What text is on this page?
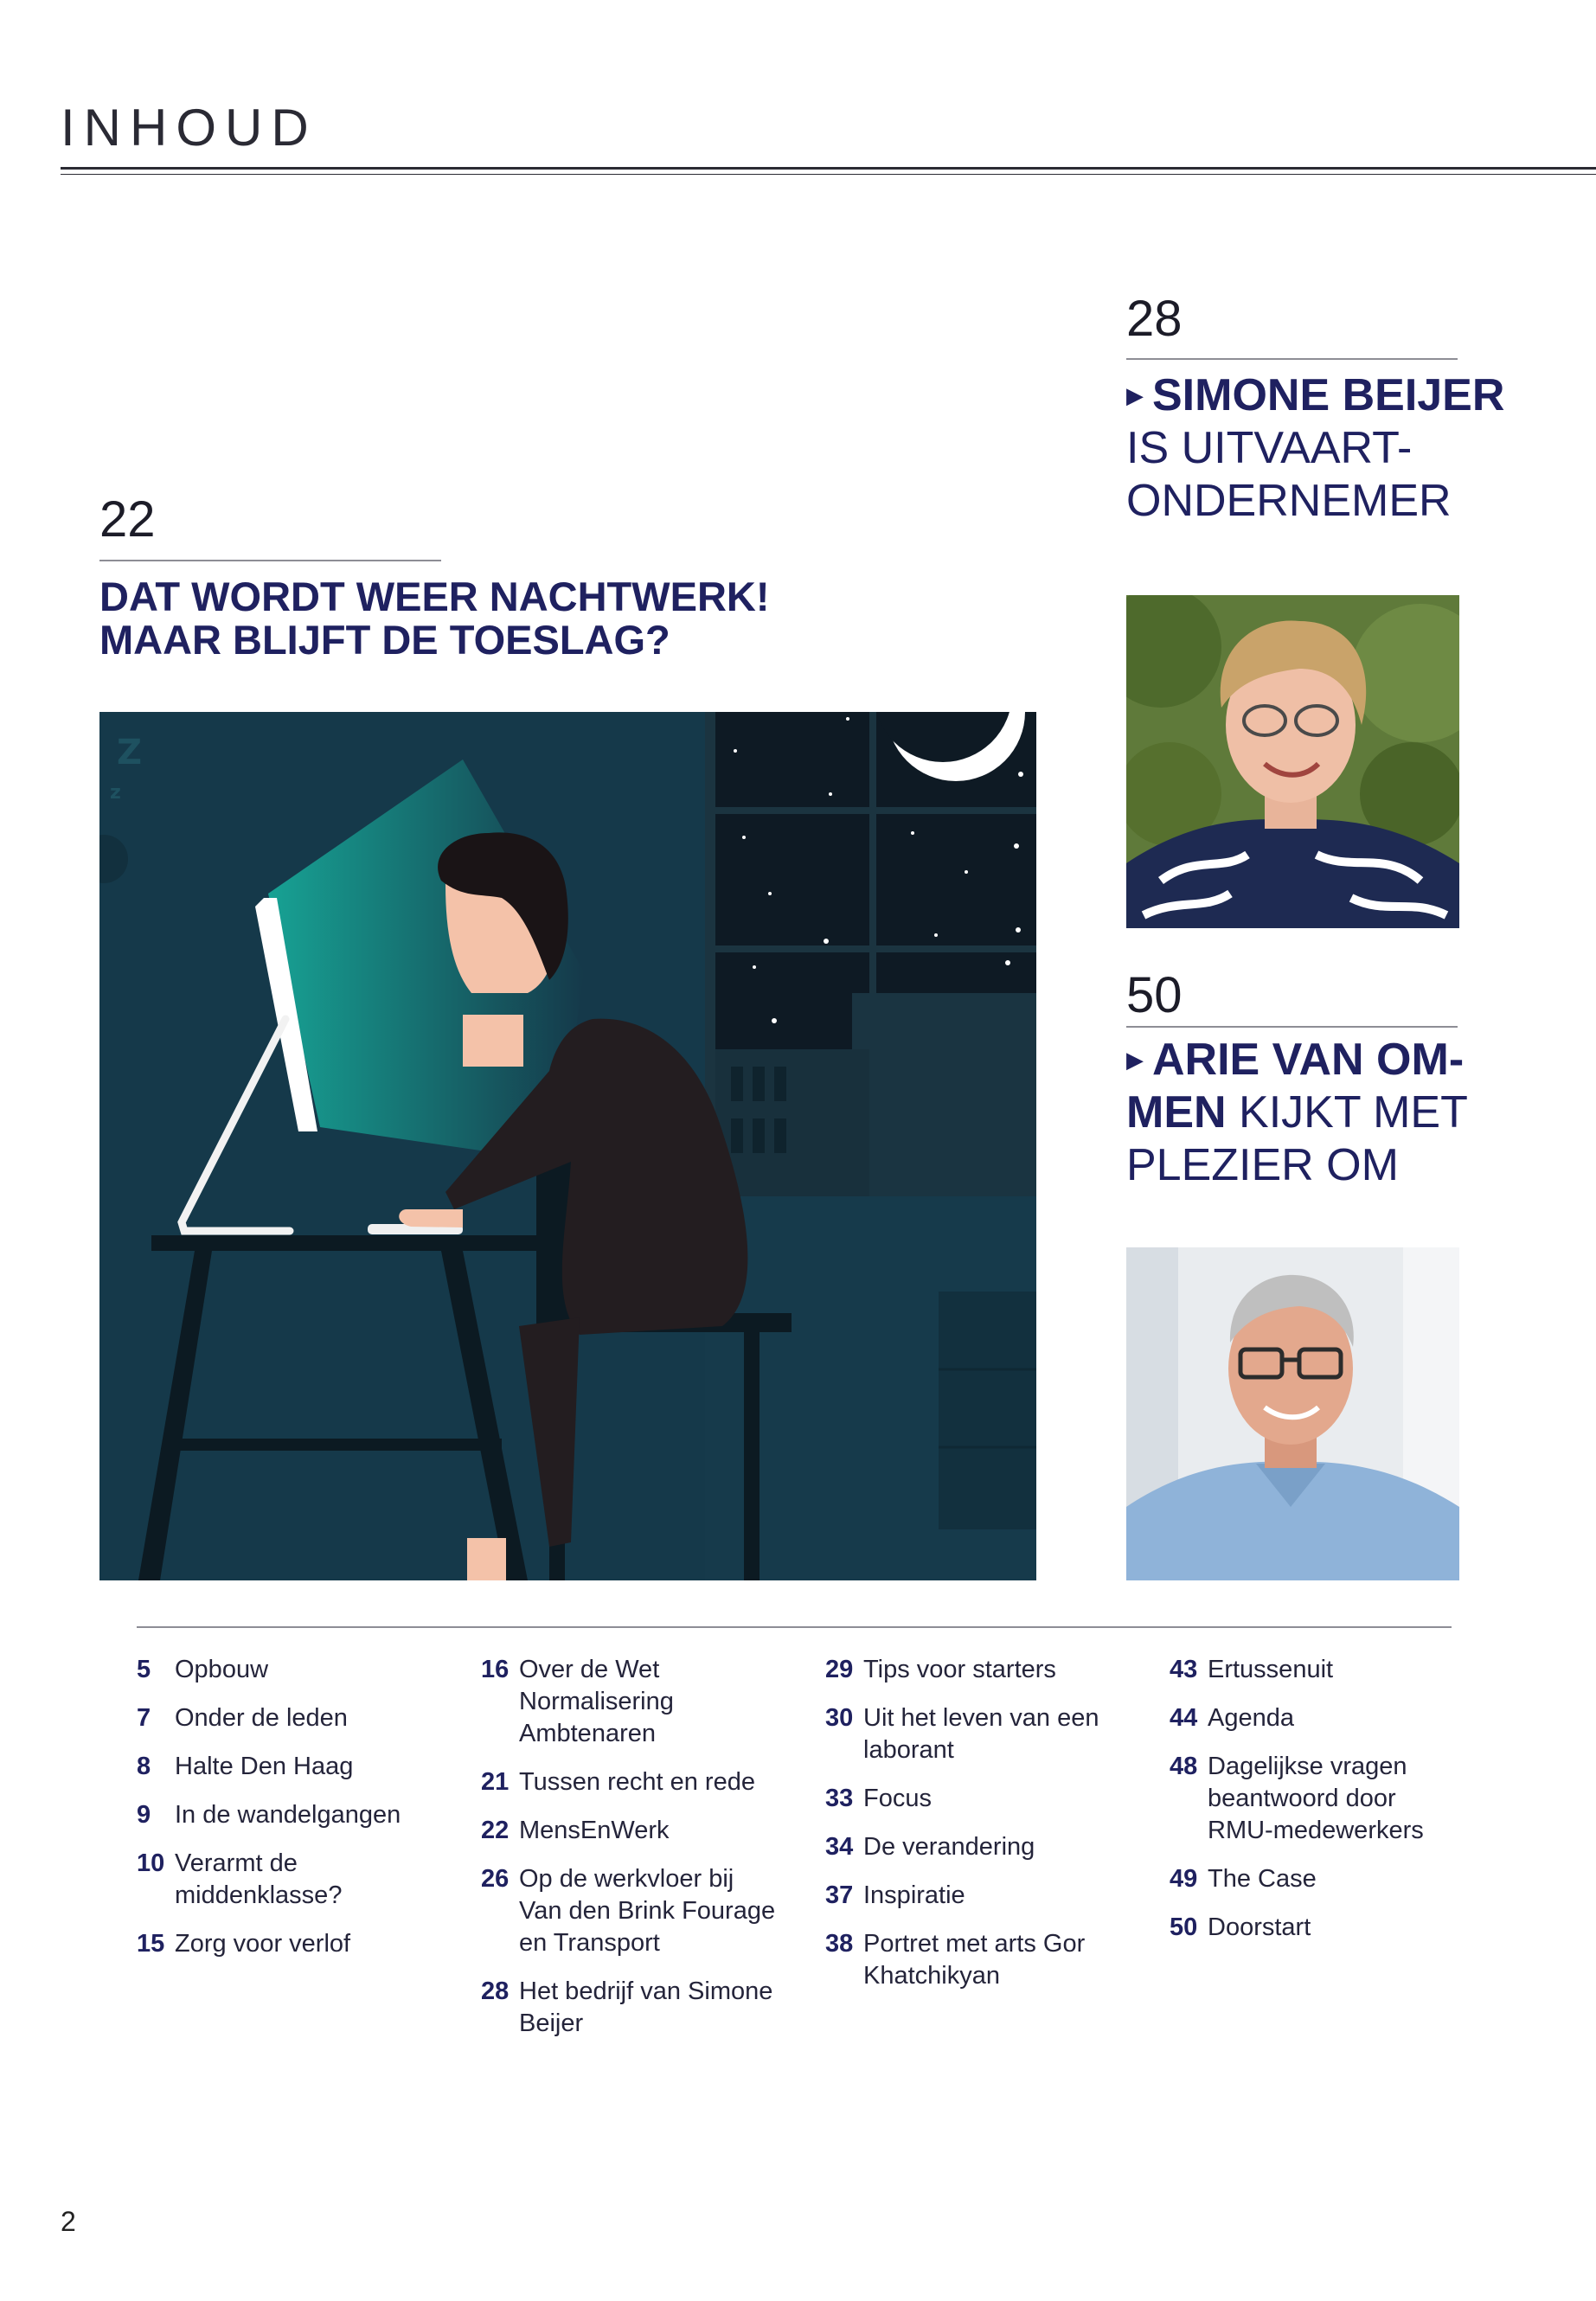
INHOUD
22
DAT WORDT WEER NACHTWERK!
MAAR BLIJFT DE TOESLAG?
Z
z
28
▶ SIMONE BEIJER
IS UITVAART-
ONDERNEMER
50
▶ ARIE VAN OM-
MEN KIJKT MET
PLEZIER OM
5 Opbouw
7 Onder de leden
8 Halte Den Haag
9 In de wandelgangen
10 Verarmt de middenklasse?
15 Zorg voor verlof
16 Over de Wet Normalisering Ambtenaren
21 Tussen recht en rede
22 MensEnWerk
26 Op de werkvloer bij Van den Brink Fourage en Transport
28 Het bedrijf van Simone Beijer
29 Tips voor starters
30 Uit het leven van een laborant
33 Focus
34 De verandering
37 Inspiratie
38 Portret met arts Gor Khatchikyan
43 Ertussenuit
44 Agenda
48 Dagelijkse vragen beantwoord door RMU-medewerkers
49 The Case
50 Doorstart
2
